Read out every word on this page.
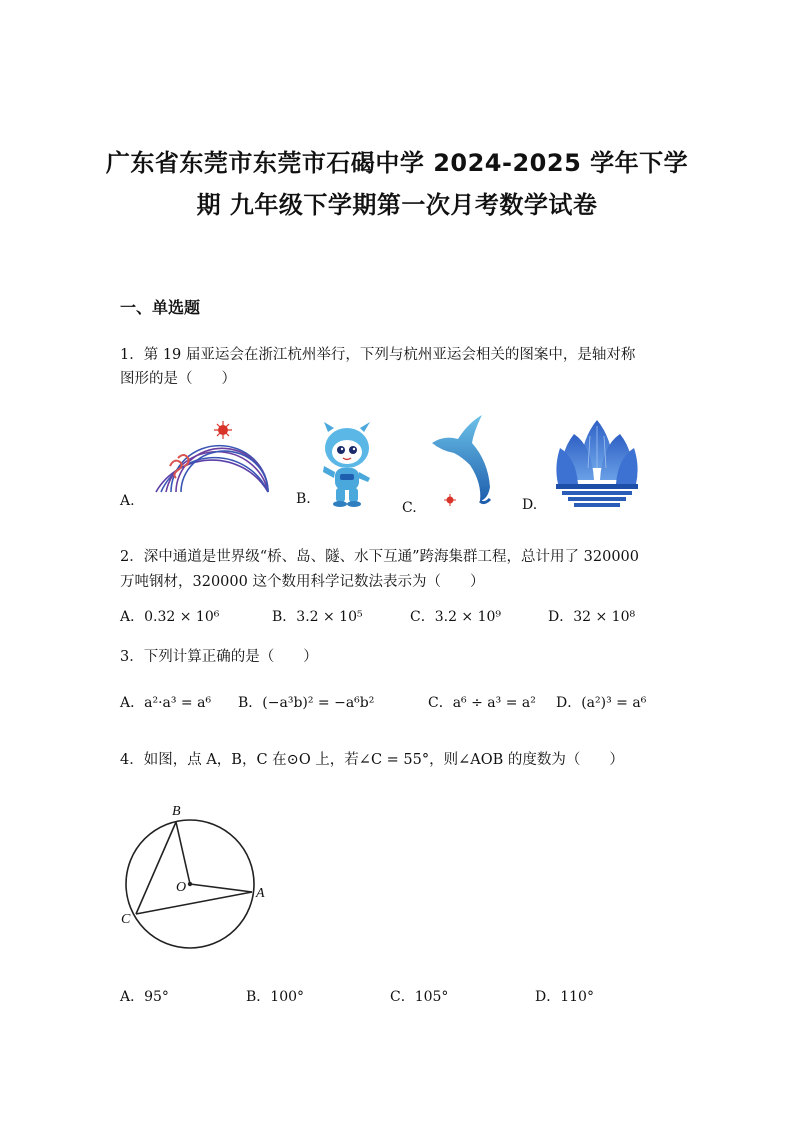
广东省东莞市东莞市石碣中学 2024-2025 学年下学
期 九年级下学期第一次月考数学试卷
一、单选题
1．第 19 届亚运会在浙江杭州举行，下列与杭州亚运会相关的图案中，是轴对称
图形的是（　　）
A.	B.
C.	D.
2．深中通道是世界级“桥、岛、隧、水下互通”跨海集群工程，总计用了 320000
万吨钢材，320000 这个数用科学记数法表示为（　　）
A．0.32 × 10⁶	B．3.2 × 10⁵	C．3.2 × 10⁹	D．32 × 10⁸
3．下列计算正确的是（　　）
A．a²·a³ = a⁶ B．(−a³b)² = −a⁶b²	C．a⁶ ÷ a³ = a² D．(a²)³ = a⁶
4．如图，点 A，B，C 在⊙O 上，若∠C = 55°，则∠AOB 的度数为（　　）
B
O	A
C
A．95°	B．100°	C．105°	D．110°
